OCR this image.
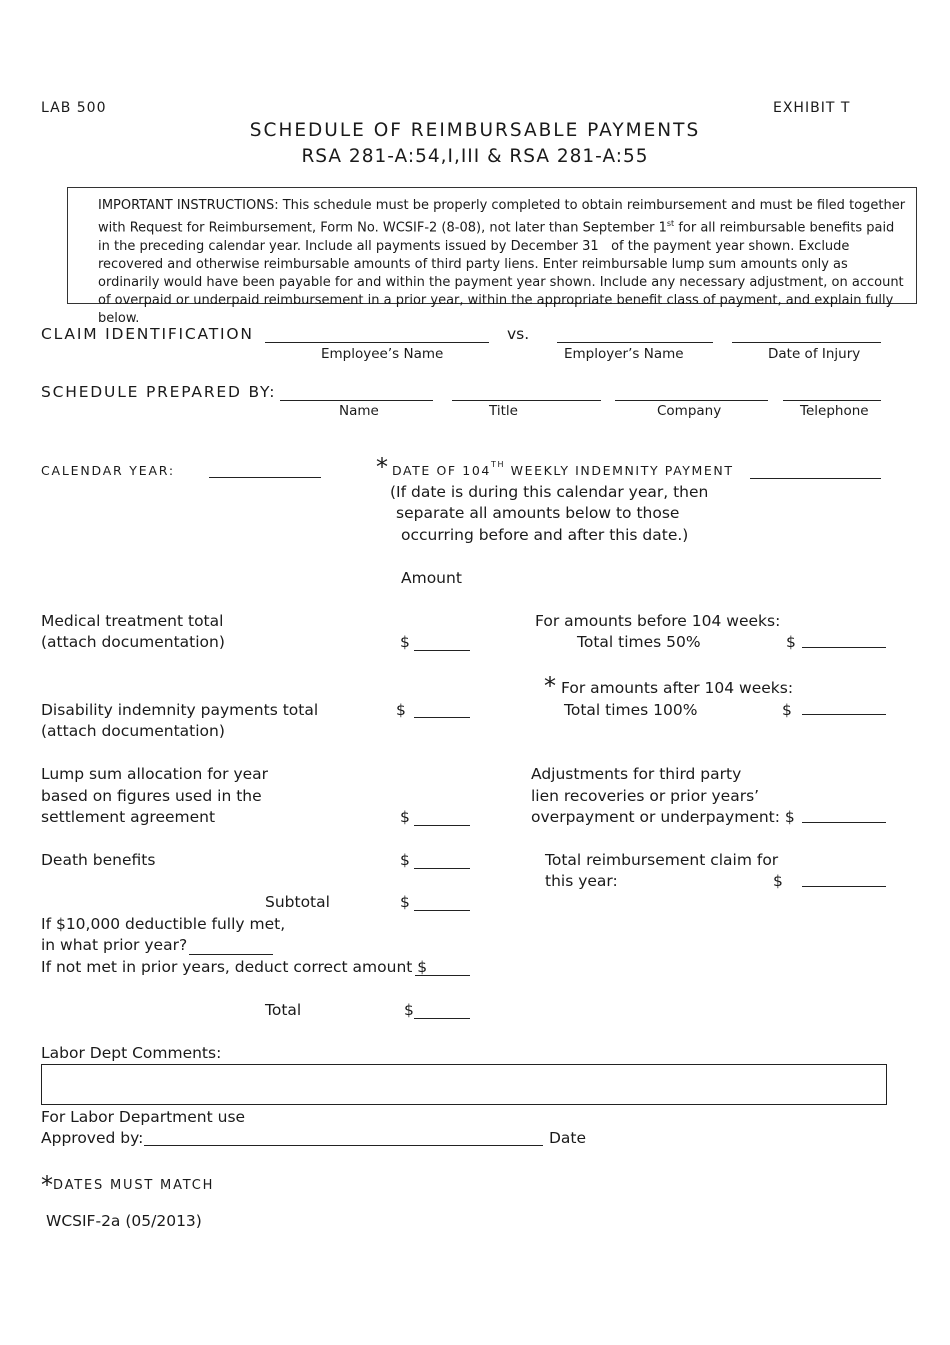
LAB 500	EXHIBIT T
SCHEDULE OF REIMBURSABLE PAYMENTS
RSA 281-A:54,I,III & RSA 281-A:55

IMPORTANT INSTRUCTIONS: This schedule must be properly completed to obtain reimbursement and must be filed together with Request for Reimbursement, Form No. WCSIF-2 (8-08), not later than September 1st for all reimbursable benefits paid in the preceding calendar year. Include all payments issued by December 31 of the payment year shown. Exclude recovered and otherwise reimbursable amounts of third party liens. Enter reimbursable lump sum amounts only as ordinarily would have been payable for and within the payment year shown. Include any necessary adjustment, on account of overpaid or underpaid reimbursement in a prior year, within the appropriate benefit class of payment, and explain fully below.

CLAIM IDENTIFICATION	vs.
Employee’s Name	Employer’s Name	Date of Injury
SCHEDULE PREPARED BY:
Name	Title	Company	Telephone
CALENDAR YEAR:	* DATE OF 104TH WEEKLY INDEMNITY PAYMENT
(If date is during this calendar year, then
separate all amounts below to those
occurring before and after this date.)
Amount
Medical treatment total
(attach documentation)	$
Disability indemnity payments total
(attach documentation)
$
Lump sum allocation for year
based on figures used in the
settlement agreement	$
Death benefits	$
Subtotal	$
If $10,000 deductible fully met,
in what prior year?
If not met in prior years, deduct correct amount $
Total	$
For amounts before 104 weeks:
Total times 50%	$
* For amounts after 104 weeks:
Total times 100%	$
Adjustments for third party
lien recoveries or prior years’
overpayment or underpayment: $
Total reimbursement claim for
this year:	$
Labor Dept Comments:
For Labor Department use
Approved by:	Date
* DATES MUST MATCH
WCSIF-2a (05/2013)
